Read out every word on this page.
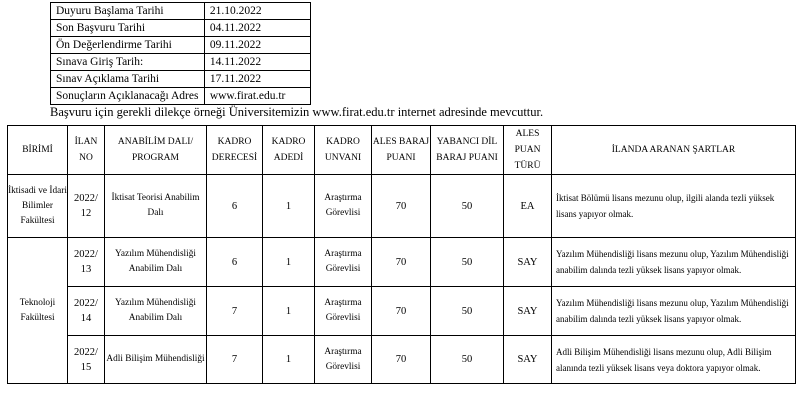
Duyuru Başlama Tarihi	21.10.2022
Son Başvuru Tarihi	04.11.2022
Ön Değerlendirme Tarihi	09.11.2022
Sınava Giriş Tarih:	14.11.2022
Sınav Açıklama Tarihi	17.11.2022
Sonuçların Açıklanacağı Adres	www.firat.edu.tr
Başvuru için gerekli dilekçe örneği Üniversitemizin www.firat.edu.tr internet adresinde mevcuttur.
BİRİMİ	İLAN NO	ANABİLİM DALI/ PROGRAM	KADRO DERECESİ	KADRO ADEDİ	KADRO UNVANI	ALES BARAJ PUANI	YABANCI DİL BARAJ PUANI	ALES PUAN TÜRÜ	İLANDA ARANAN ŞARTLAR
İktisadi ve İdari Bilimler Fakültesi	2022/ 12	İktisat Teorisi Anabilim Dalı	6	1	Araştırma Görevlisi	70	50	EA	İktisat Bölümü lisans mezunu olup, ilgili alanda tezli yüksek lisans yapıyor olmak.
Teknoloji Fakültesi	2022/ 13	Yazılım Mühendisliği Anabilim Dalı	6	1	Araştırma Görevlisi	70	50	SAY	Yazılım Mühendisliği lisans mezunu olup, Yazılım Mühendisliği anabilim dalında tezli yüksek lisans yapıyor olmak.
	2022/ 14	Yazılım Mühendisliği Anabilim Dalı	7	1	Araştırma Görevlisi	70	50	SAY	Yazılım Mühendisliği lisans mezunu olup, Yazılım Mühendisliği anabilim dalında tezli yüksek lisans yapıyor olmak.
	2022/ 15	Adli Bilişim Mühendisliği	7	1	Araştırma Görevlisi	70	50	SAY	Adli Bilişim Mühendisliği lisans mezunu olup, Adli Bilişim alanında tezli yüksek lisans veya doktora yapıyor olmak.
